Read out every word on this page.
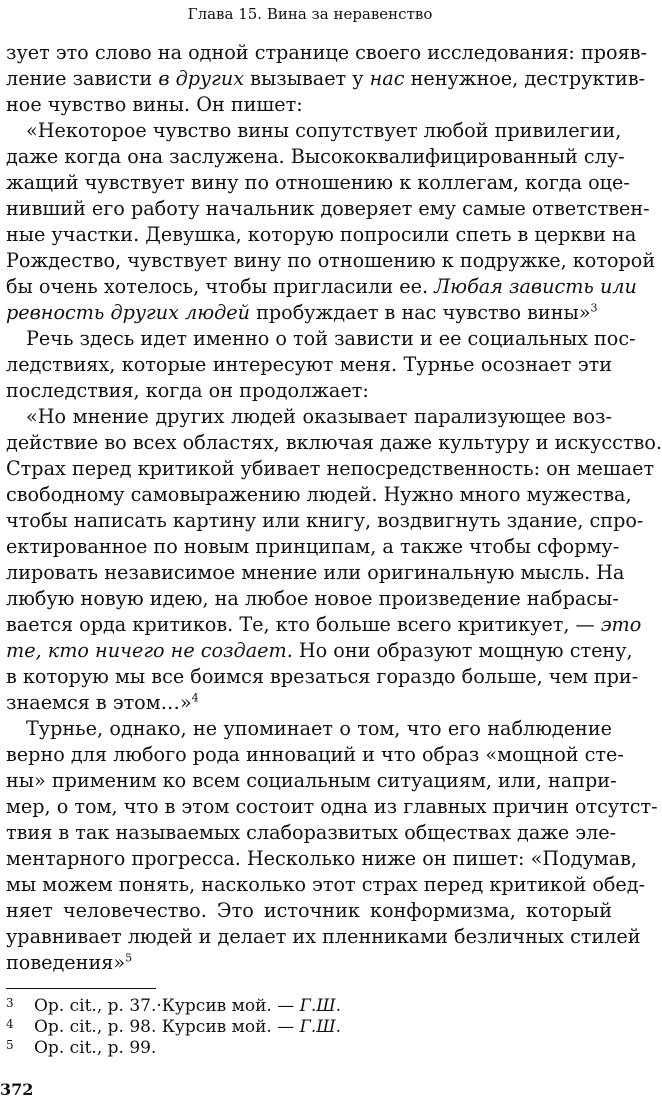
Глава 15. Вина за неравенство
зует это слово на одной странице своего исследования: прояв-
ление зависти в других вызывает у нас ненужное, деструктив-
ное чувство вины. Он пишет:
«Некоторое чувство вины сопутствует любой привилегии,
даже когда она заслужена. Высококвалифицированный слу-
жащий чувствует вину по отношению к коллегам, когда оце-
нивший его работу начальник доверяет ему самые ответствен-
ные участки. Девушка, которую попросили спеть в церкви на
Рождество, чувствует вину по отношению к подружке, которой
бы очень хотелось, чтобы пригласили ее. Любая зависть или
ревность других людей пробуждает в нас чувство вины»$^3$
Речь здесь идет именно о той зависти и ее социальных пос-
ледствиях, которые интересуют меня. Турнье осознает эти
последствия, когда он продолжает:
«Но мнение других людей оказывает парализующее воз-
действие во всех областях, включая даже культуру и искусство.
Страх перед критикой убивает непосредственность: он мешает
свободному самовыражению людей. Нужно много мужества,
чтобы написать картину или книгу, воздвигнуть здание, спро-
ектированное по новым принципам, а также чтобы сформу-
лировать независимое мнение или оригинальную мысль. На
любую новую идею, на любое новое произведение набрасы-
вается орда критиков. Те, кто больше всего критикует, — это
те, кто ничего не создает. Но они образуют мощную стену,
в которую мы все боимся врезаться гораздо больше, чем при-
знаемся в этом…»$^4$
Турнье, однако, не упоминает о том, что его наблюдение
верно для любого рода инноваций и что образ «мощной сте-
ны» применим ко всем социальным ситуациям, или, напри-
мер, о том, что в этом состоит одна из главных причин отсутст-
твия в так называемых слаборазвитых обществах даже эле-
ментарного прогресса. Несколько ниже он пишет: «Подумав,
мы можем понять, насколько этот страх перед критикой обед-
няет человечество. Это источник конформизма, который
уравнивает людей и делает их пленниками безличных стилей
поведения»$^5$
3 Op. cit., p. 37.·Курсив мой. — Г.Ш.
4 Op. cit., p. 98. Курсив мой. — Г.Ш.
5 Op. cit., p. 99.
372
